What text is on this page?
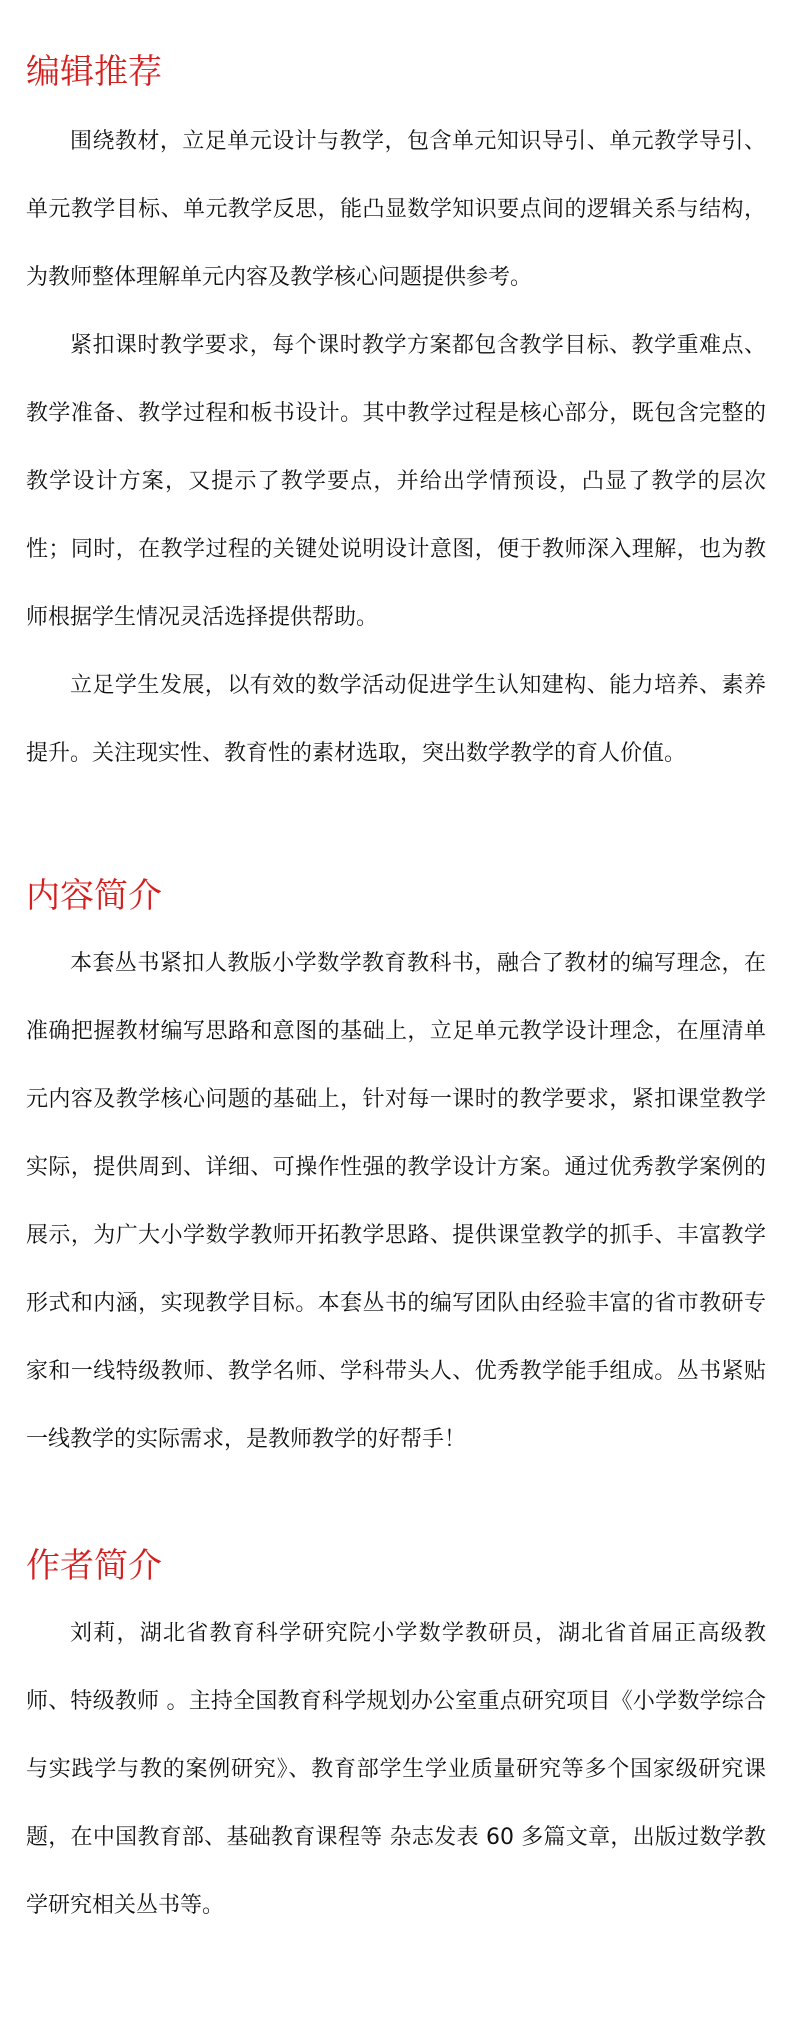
编辑推荐

围绕教材，立足单元设计与教学，包含单元知识导引、单元教学导引、单元教学目标、单元教学反思，能凸显数学知识要点间的逻辑关系与结构，为教师整体理解单元内容及教学核心问题提供参考。

紧扣课时教学要求，每个课时教学方案都包含教学目标、教学重难点、教学准备、教学过程和板书设计。其中教学过程是核心部分，既包含完整的教学设计方案，又提示了教学要点，并给出学情预设，凸显了教学的层次性；同时，在教学过程的关键处说明设计意图，便于教师深入理解，也为教师根据学生情况灵活选择提供帮助。

立足学生发展，以有效的数学活动促进学生认知建构、能力培养、素养提升。关注现实性、教育性的素材选取，突出数学教学的育人价值。

内容简介

本套丛书紧扣人教版小学数学教育教科书，融合了教材的编写理念，在准确把握教材编写思路和意图的基础上，立足单元教学设计理念，在厘清单元内容及教学核心问题的基础上，针对每一课时的教学要求，紧扣课堂教学实际，提供周到、详细、可操作性强的教学设计方案。通过优秀教学案例的展示，为广大小学数学教师开拓教学思路、提供课堂教学的抓手、丰富教学形式和内涵，实现教学目标。本套丛书的编写团队由经验丰富的省市教研专家和一线特级教师、教学名师、学科带头人、优秀教学能手组成。丛书紧贴一线教学的实际需求，是教师教学的好帮手！

作者简介

刘莉，湖北省教育科学研究院小学数学教研员，湖北省首届正高级教师、特级教师 。主持全国教育科学规划办公室重点研究项目《小学数学综合与实践学与教的案例研究》、教育部学生学业质量研究等多个国家级研究课题，在中国教育部、基础教育课程等 杂志发表 60 多篇文章，出版过数学教学研究相关丛书等。
